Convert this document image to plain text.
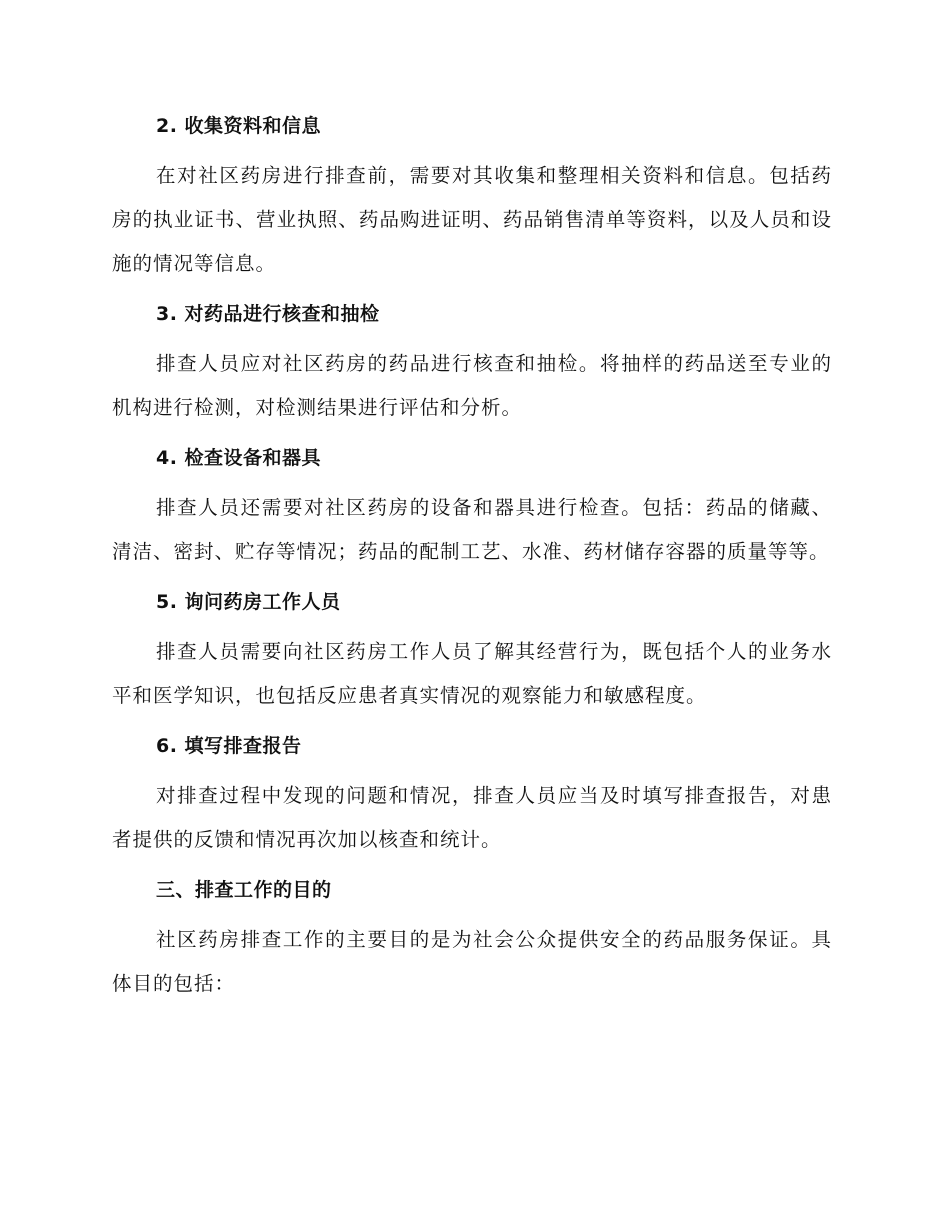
2. 收集资料和信息

在对社区药房进行排查前，需要对其收集和整理相关资料和信息。包括药房的执业证书、营业执照、药品购进证明、药品销售清单等资料，以及人员和设施的情况等信息。

3. 对药品进行核查和抽检

排查人员应对社区药房的药品进行核查和抽检。将抽样的药品送至专业的机构进行检测，对检测结果进行评估和分析。

4. 检查设备和器具

排查人员还需要对社区药房的设备和器具进行检查。包括：药品的储藏、清洁、密封、贮存等情况；药品的配制工艺、水准、药材储存容器的质量等等。

5. 询问药房工作人员

排查人员需要向社区药房工作人员了解其经营行为，既包括个人的业务水平和医学知识，也包括反应患者真实情况的观察能力和敏感程度。

6. 填写排查报告

对排查过程中发现的问题和情况，排查人员应当及时填写排查报告，对患者提供的反馈和情况再次加以核查和统计。

三、排查工作的目的

社区药房排查工作的主要目的是为社会公众提供安全的药品服务保证。具体目的包括：
